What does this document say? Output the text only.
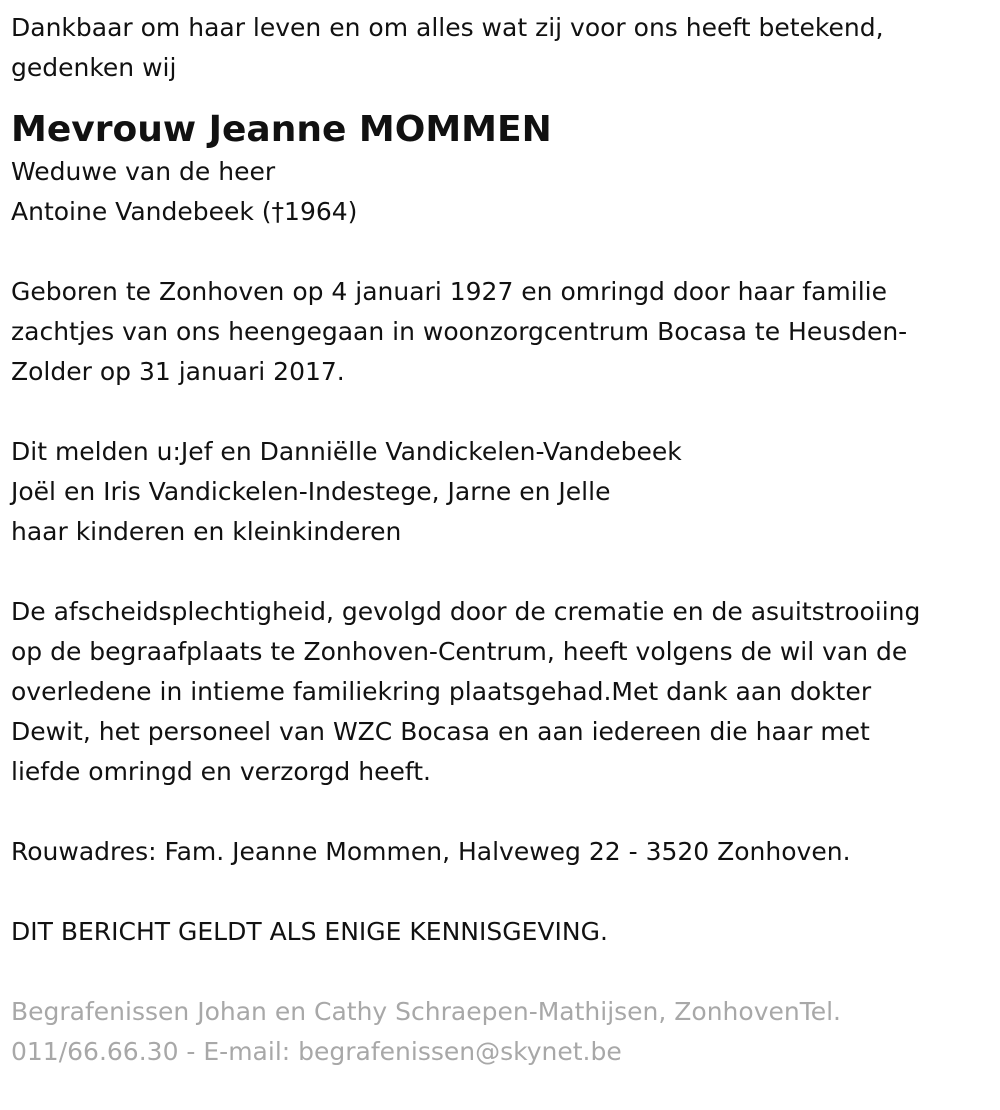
Dankbaar om haar leven en om alles wat zij voor ons heeft betekend,

gedenken wij

Mevrouw Jeanne MOMMEN

Weduwe van de heer

Antoine Vandebeek (†1964)

Geboren te Zonhoven op 4 januari 1927 en omringd door haar familie

zachtjes van ons heengegaan in woonzorgcentrum Bocasa te Heusden-

Zolder op 31 januari 2017.

Dit melden u:Jef en Danniëlle Vandickelen-Vandebeek

Joël en Iris Vandickelen-Indestege, Jarne en Jelle

haar kinderen en kleinkinderen

De afscheidsplechtigheid, gevolgd door de crematie en de asuitstrooiing

op de begraafplaats te Zonhoven-Centrum, heeft volgens de wil van de

overledene in intieme familiekring plaatsgehad.Met dank aan dokter

Dewit, het personeel van WZC Bocasa en aan iedereen die haar met

liefde omringd en verzorgd heeft.

Rouwadres: Fam. Jeanne Mommen, Halveweg 22 - 3520 Zonhoven.

DIT BERICHT GELDT ALS ENIGE KENNISGEVING.

Begrafenissen Johan en Cathy Schraepen-Mathijsen, ZonhovenTel.

011/66.66.30 - E-mail: begrafenissen@skynet.be
